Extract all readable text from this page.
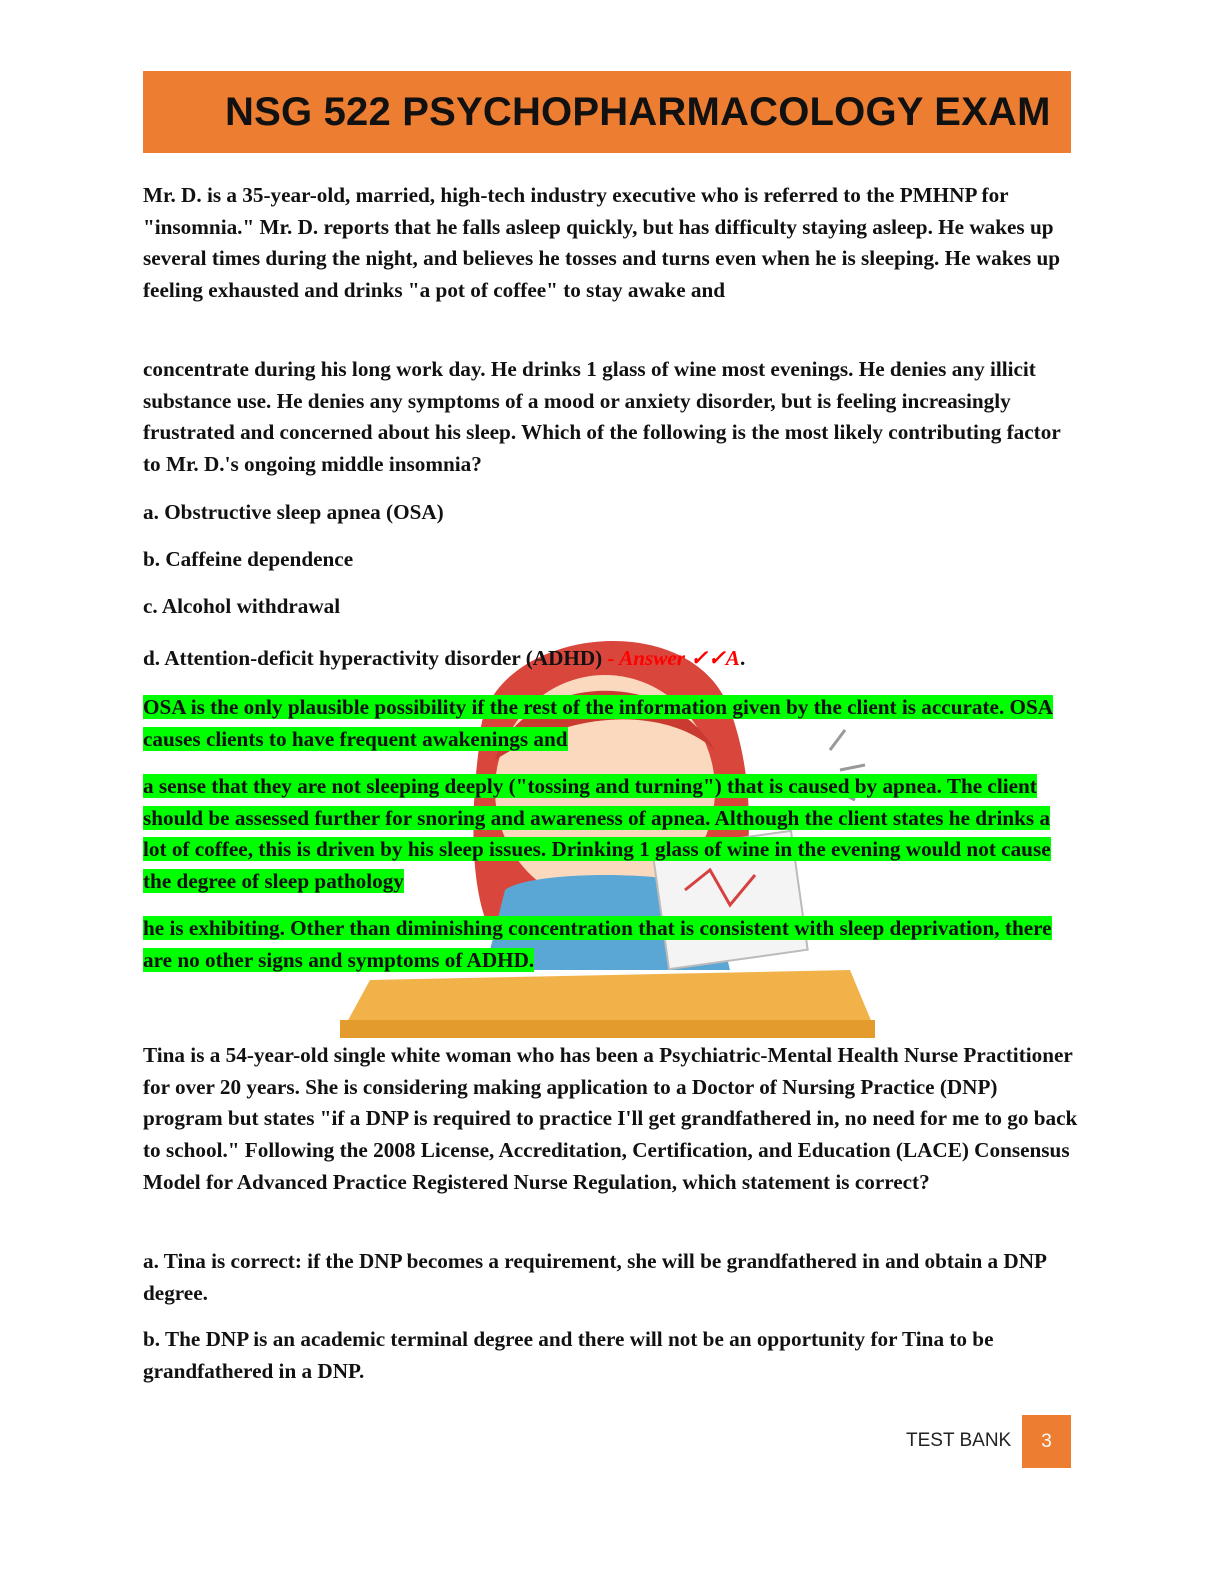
NSG 522 PSYCHOPHARMACOLOGY EXAM

Mr. D. is a 35-year-old, married, high-tech industry executive who is referred to the PMHNP for "insomnia." Mr. D. reports that he falls asleep quickly, but has difficulty staying asleep. He wakes up several times during the night, and believes he tosses and turns even when he is sleeping. He wakes up feeling exhausted and drinks "a pot of coffee" to stay awake and

concentrate during his long work day. He drinks 1 glass of wine most evenings. He denies any illicit substance use. He denies any symptoms of a mood or anxiety disorder, but is feeling increasingly frustrated and concerned about his sleep. Which of the following is the most likely contributing factor to Mr. D.'s ongoing middle insomnia?

a. Obstructive sleep apnea (OSA)

b. Caffeine dependence

c. Alcohol withdrawal

d. Attention-deficit hyperactivity disorder (ADHD) - Answer ✓✓A.

OSA is the only plausible possibility if the rest of the information given by the client is accurate. OSA causes clients to have frequent awakenings and

a sense that they are not sleeping deeply ("tossing and turning") that is caused by apnea. The client should be assessed further for snoring and awareness of apnea. Although the client states he drinks a lot of coffee, this is driven by his sleep issues. Drinking 1 glass of wine in the evening would not cause the degree of sleep pathology

he is exhibiting. Other than diminishing concentration that is consistent with sleep deprivation, there are no other signs and symptoms of ADHD.

Tina is a 54-year-old single white woman who has been a Psychiatric-Mental Health Nurse Practitioner for over 20 years. She is considering making application to a Doctor of Nursing Practice (DNP) program but states "if a DNP is required to practice I'll get grandfathered in, no need for me to go back to school." Following the 2008 License, Accreditation, Certification, and Education (LACE) Consensus Model for Advanced Practice Registered Nurse Regulation, which statement is correct?

a. Tina is correct: if the DNP becomes a requirement, she will be grandfathered in and obtain a DNP degree.

b. The DNP is an academic terminal degree and there will not be an opportunity for Tina to be grandfathered in a DNP.

TEST BANK	3
